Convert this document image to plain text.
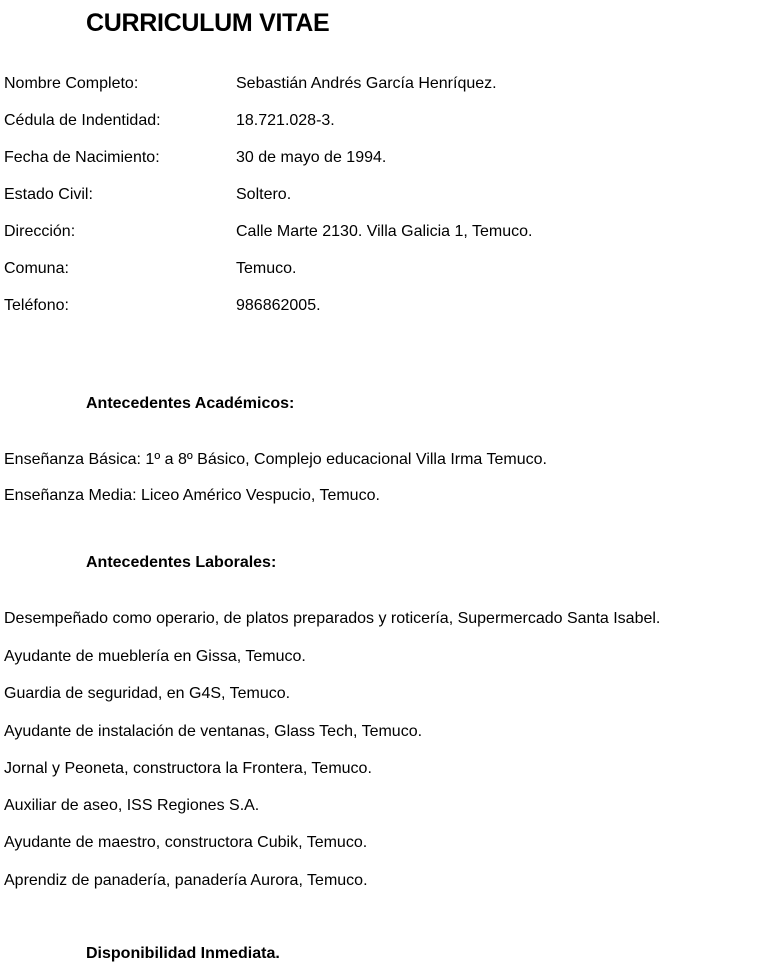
CURRICULUM VITAE
Nombre Completo:	Sebastián Andrés García Henríquez.
Cédula de Indentidad:	18.721.028-3.
Fecha de Nacimiento:	30 de mayo de 1994.
Estado Civil:	Soltero.
Dirección:	Calle Marte 2130. Villa Galicia 1, Temuco.
Comuna:	Temuco.
Teléfono:	986862005.
Antecedentes Académicos:
Enseñanza Básica: 1º a 8º Básico, Complejo educacional Villa Irma Temuco.
Enseñanza Media: Liceo Américo Vespucio, Temuco.
Antecedentes Laborales:
Desempeñado como operario, de platos preparados y roticería, Supermercado Santa Isabel.
Ayudante de mueblería en Gissa, Temuco.
Guardia de seguridad, en G4S, Temuco.
Ayudante de instalación de ventanas, Glass Tech, Temuco.
Jornal y Peoneta, constructora la Frontera, Temuco.
Auxiliar de aseo, ISS Regiones S.A.
Ayudante de maestro, constructora Cubik, Temuco.
Aprendiz de panadería, panadería Aurora, Temuco.
Disponibilidad Inmediata.
